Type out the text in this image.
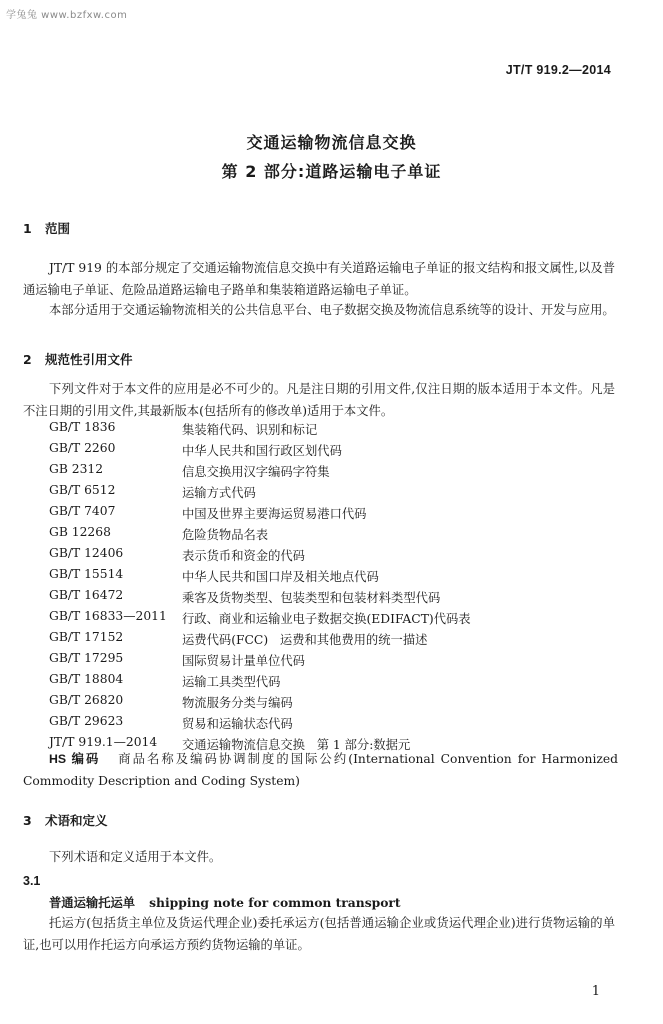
学兔兔 www.bzfxw.com
JT/T 919.2—2014
交通运输物流信息交换
第 2 部分:道路运输电子单证
1 范围
JT/T 919 的本部分规定了交通运输物流信息交换中有关道路运输电子单证的报文结构和报文属性,以及普通运输电子单证、危险品道路运输电子路单和集装箱道路运输电子单证。
本部分适用于交通运输物流相关的公共信息平台、电子数据交换及物流信息系统等的设计、开发与应用。
2 规范性引用文件
下列文件对于本文件的应用是必不可少的。凡是注日期的引用文件,仅注日期的版本适用于本文件。凡是不注日期的引用文件,其最新版本(包括所有的修改单)适用于本文件。
GB/T 1836	集装箱代码、识别和标记
GB/T 2260	中华人民共和国行政区划代码
GB 2312	信息交换用汉字编码字符集
GB/T 6512	运输方式代码
GB/T 7407	中国及世界主要海运贸易港口代码
GB 12268	危险货物品名表
GB/T 12406	表示货币和资金的代码
GB/T 15514	中华人民共和国口岸及相关地点代码
GB/T 16472	乘客及货物类型、包装类型和包装材料类型代码
GB/T 16833—2011	行政、商业和运输业电子数据交换(EDIFACT)代码表
GB/T 17152	运费代码(FCC)   运费和其他费用的统一描述
GB/T 17295	国际贸易计量单位代码
GB/T 18804	运输工具类型代码
GB/T 26820	物流服务分类与编码
GB/T 29623	贸易和运输状态代码
JT/T 919.1—2014	交通运输物流信息交换   第 1 部分:数据元
HS 编码 商品名称及编码协调制度的国际公约(International Convention for Harmonized Commodity Description and Coding System)
3 术语和定义
下列术语和定义适用于本文件。
3.1
普通运输托运单 shipping note for common transport
托运方(包括货主单位及货运代理企业)委托承运方(包括普通运输企业或货运代理企业)进行货物运输的单证,也可以用作托运方向承运方预约货物运输的单证。
1
